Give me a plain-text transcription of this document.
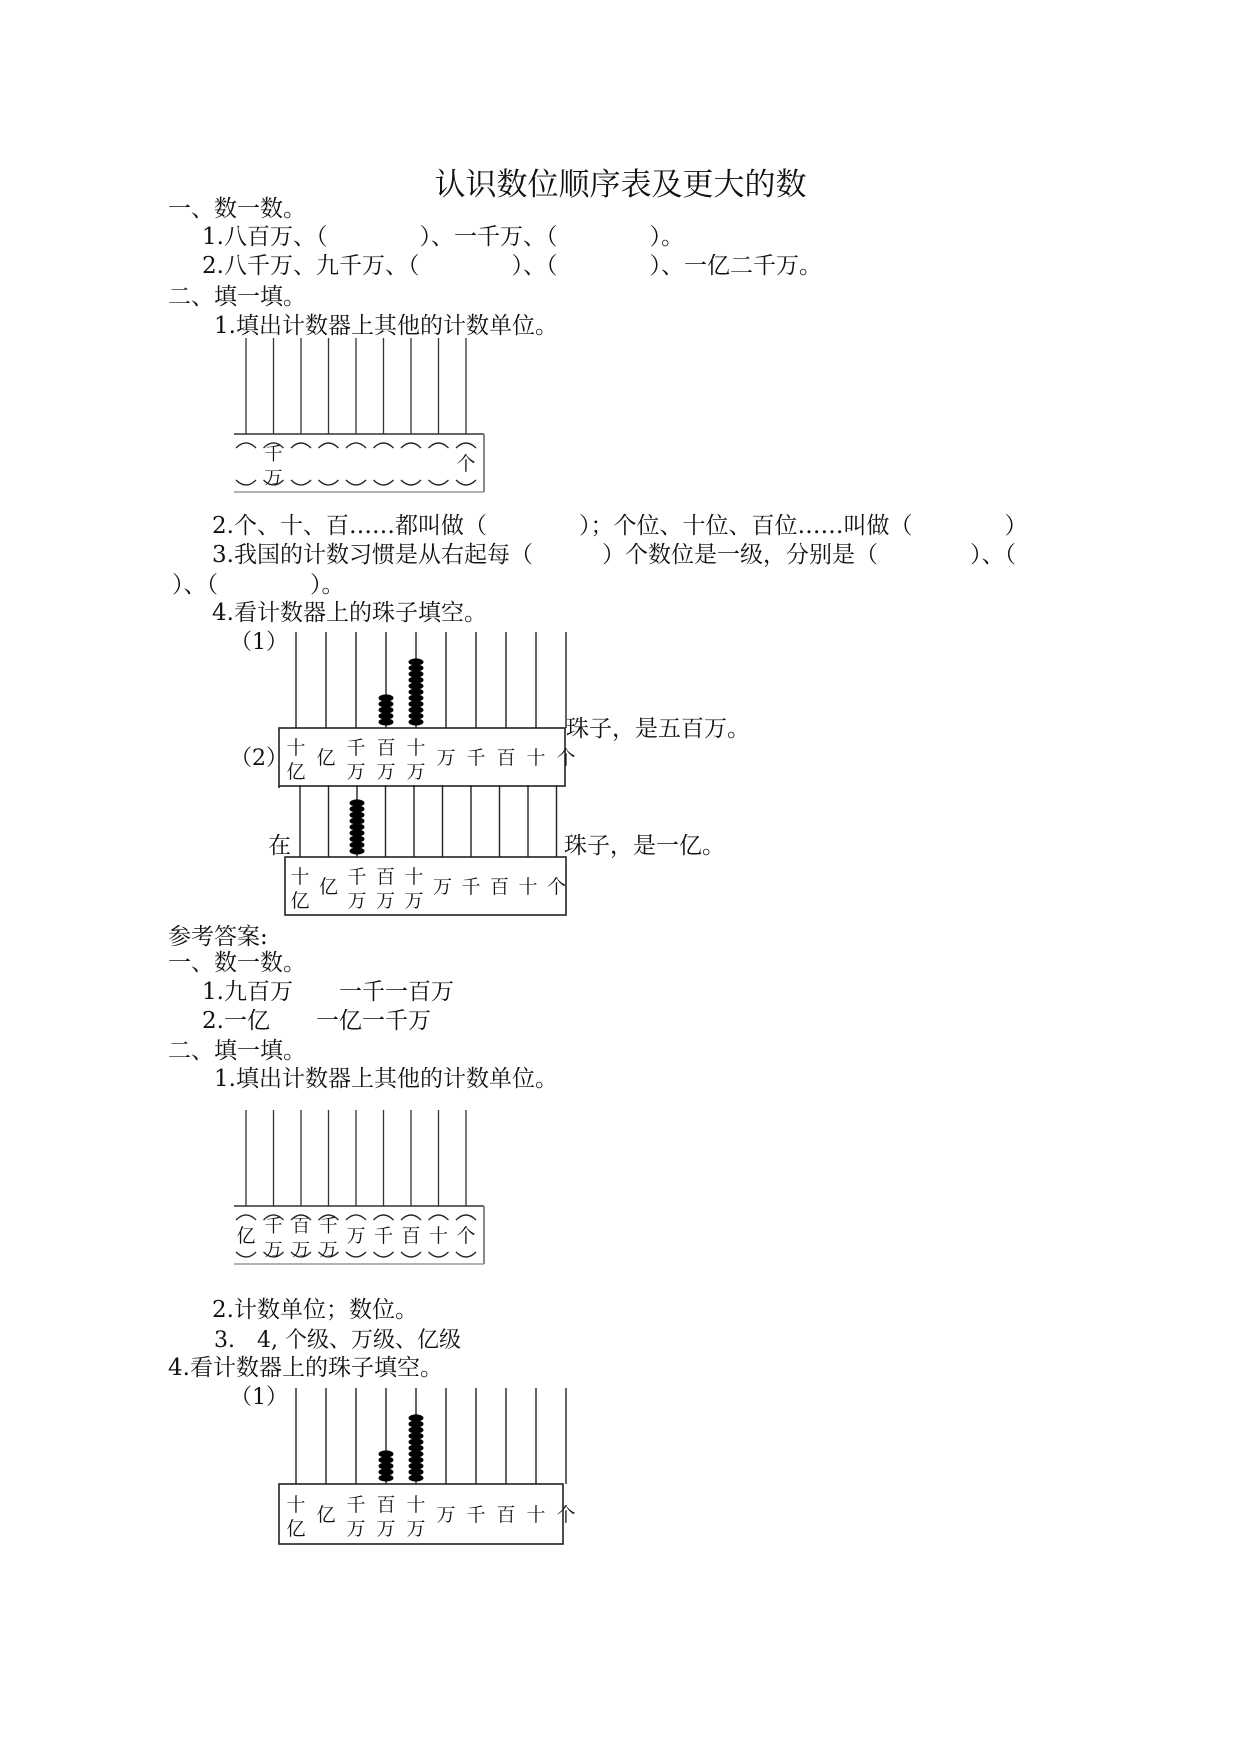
认识数位顺序表及更大的数
一、数一数。
1.八百万、（　　　　）、一千万、（　　　　）。
2.八千万、九千万、（　　　　）、（　　　　）、一亿二千万。
二、填一填。
1.填出计数器上其他的计数单位。
千
万
个
2.个、十、百……都叫做（　　　　）；个位、十位、百位……叫做（　　　　）
3.我国的计数习惯是从右起每（　　　）个数位是一级，分别是（　　　　）、（
）、（　　　　）。
4.看计数器上的珠子填空。
（1）
十
亿
亿 千
万
百
万
十
万
万 千 百 十 个
珠子，是五百万。
（2）
十
亿
亿 千
万
百
万
十
万
万 千 百 十 个
在	珠子，是一亿。
参考答案:
一、数一数。
1.九百万　　一千一百万
2.一亿　　一亿一千万
二、填一填。
1.填出计数器上其他的计数单位。
亿 千
万
百
万
千
万
万 千 百 十 个
2.计数单位；数位。
3.　4, 个级、万级、亿级
4.看计数器上的珠子填空。
（1）
十
亿
亿 千
万
百
万
十
万
万 千 百 十 个
